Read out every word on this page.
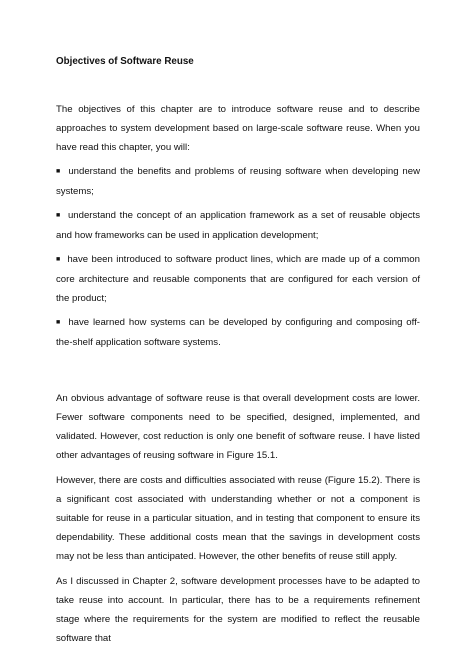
Objectives of Software Reuse

The objectives of this chapter are to introduce software reuse and to describe approaches to system development based on large-scale software reuse. When you have read this chapter, you will:

■ understand the benefits and problems of reusing software when developing new systems;
■ understand the concept of an application framework as a set of reusable objects and how frameworks can be used in application development;
■ have been introduced to software product lines, which are made up of a common core architecture and reusable components that are configured for each version of the product;
■ have learned how systems can be developed by configuring and composing off-the-shelf application software systems.

An obvious advantage of software reuse is that overall development costs are lower. Fewer software components need to be specified, designed, implemented, and validated. However, cost reduction is only one benefit of software reuse. I have listed other advantages of reusing software in Figure 15.1.

However, there are costs and difficulties associated with reuse (Figure 15.2). There is a significant cost associated with understanding whether or not a component is suitable for reuse in a particular situation, and in testing that component to ensure its dependability. These additional costs mean that the savings in development costs may not be less than anticipated. However, the other benefits of reuse still apply.

As I discussed in Chapter 2, software development processes have to be adapted to take reuse into account. In particular, there has to be a requirements refinement stage where the requirements for the system are modified to reflect the reusable software that
